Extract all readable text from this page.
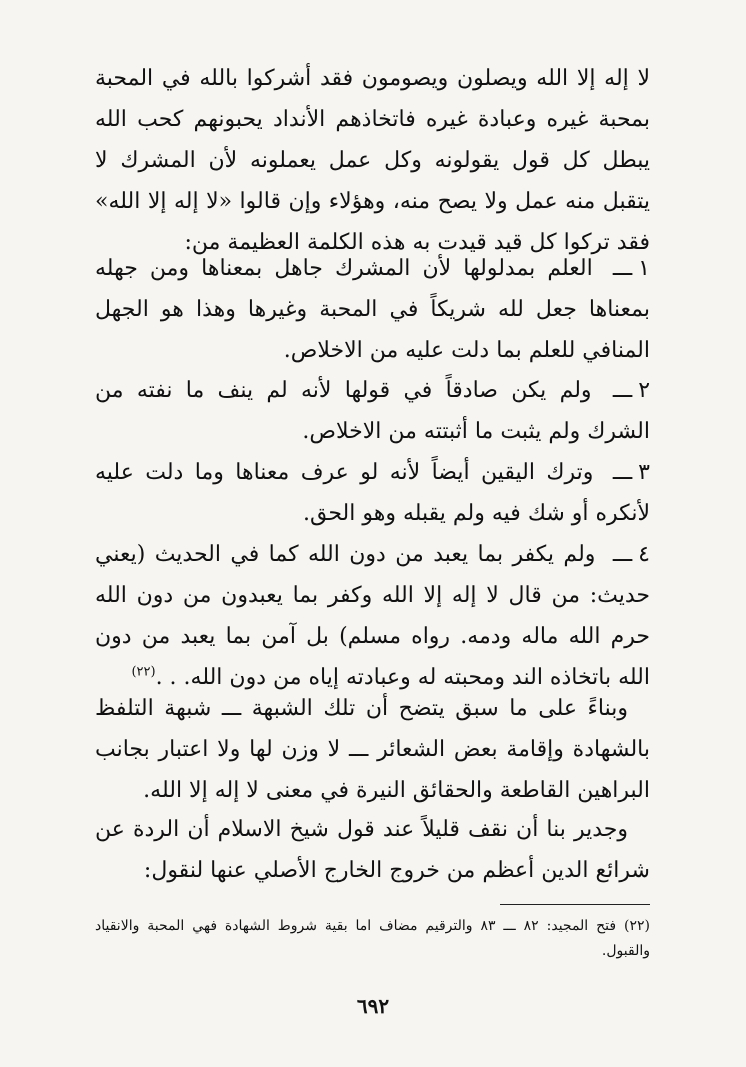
لا إله إلا الله ويصلون ويصومون فقد أشركوا بالله في المحبة بمحبة غيره وعبادة غيره فاتخاذهم الأنداد يحبونهم كحب الله يبطل كل قول يقولونه وكل عمل يعملونه لأن المشرك لا يتقبل منه عمل ولا يصح منه، وهؤلاء وإن قالوا «لا إله إلا الله» فقد تركوا كل قيد قيدت به هذه الكلمة العظيمة من:

١ـــ العلم بمدلولها لأن المشرك جاهل بمعناها ومن جهله بمعناها جعل لله شريكاً في المحبة وغيرها وهذا هو الجهل المنافي للعلم بما دلت عليه من الاخلاص.
٢ـــ ولم يكن صادقاً في قولها لأنه لم ينف ما نفته من الشرك ولم يثبت ما أثبتته من الاخلاص.
٣ـــ وترك اليقين أيضاً لأنه لو عرف معناها وما دلت عليه لأنكره أو شك فيه ولم يقبله وهو الحق.
٤ـــ ولم يكفر بما يعبد من دون الله كما في الحديث (يعني حديث: من قال لا إله إلا الله وكفر بما يعبدون من دون الله حرم الله ماله ودمه. رواه مسلم) بل آمن بما يعبد من دون الله باتخاذه الند ومحبته له وعبادته إياه من دون الله. . .$^{(٢٢)}$

وبناءً على ما سبق يتضح أن تلك الشبهة ـــ شبهة التلفظ بالشهادة وإقامة بعض الشعائر ـــ لا وزن لها ولا اعتبار بجانب البراهين القاطعة والحقائق النيرة في معنى لا إله إلا الله.

وجدير بنا أن نقف قليلاً عند قول شيخ الاسلام أن الردة عن شرائع الدين أعظم من خروج الخارج الأصلي عنها لنقول:

(٢٢) فتح المجيد: ٨٢ ـــ ٨٣ والترقيم مضاف اما بقية شروط الشهادة فهي المحبة والانقياد والقبول.
٦٩٢
